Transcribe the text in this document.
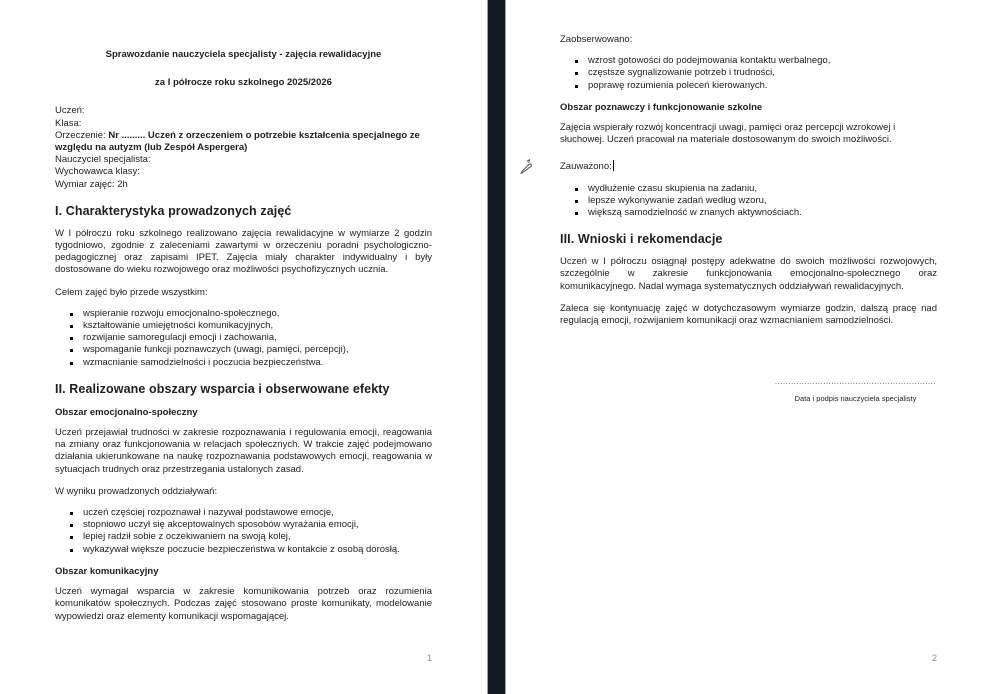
Sprawozdanie nauczyciela specjalisty - zajęcia rewalidacyjne
za I półrocze roku szkolnego 2025/2026
Uczeń:
Klasa:
Orzeczenie: Nr ......... Uczeń z orzeczeniem o potrzebie kształcenia specjalnego ze względu na autyzm (lub Zespół Aspergera)
Nauczyciel specjalista:
Wychowawca klasy:
Wymiar zajęć: 2h
I. Charakterystyka prowadzonych zajęć

W I półroczu roku szkolnego realizowano zajęcia rewalidacyjne w wymiarze 2 godzin tygodniowo, zgodnie z zaleceniami zawartymi w orzeczeniu poradni psychologiczno-pedagogicznej oraz zapisami IPET. Zajęcia miały charakter indywidualny i były dostosowane do wieku rozwojowego oraz możliwości psychofizycznych ucznia.

Celem zajęć było przede wszystkim:

wspieranie rozwoju emocjonalno-społecznego,
kształtowanie umiejętności komunikacyjnych,
rozwijanie samoregulacji emocji i zachowania,
wspomaganie funkcji poznawczych (uwagi, pamięci, percepcji),
wzmacnianie samodzielności i poczucia bezpieczeństwa.
II. Realizowane obszary wsparcia i obserwowane efekty
Obszar emocjonalno-społeczny

Uczeń przejawiał trudności w zakresie rozpoznawania i regulowania emocji, reagowania na zmiany oraz funkcjonowania w relacjach społecznych. W trakcie zajęć podejmowano działania ukierunkowane na naukę rozpoznawania podstawowych emocji, reagowania w sytuacjach trudnych oraz przestrzegania ustalonych zasad.

W wyniku prowadzonych oddziaływań:

uczeń częściej rozpoznawał i nazywał podstawowe emocje,
stopniowo uczył się akceptowalnych sposobów wyrażania emocji,
lepiej radził sobie z oczekiwaniem na swoją kolej,
wykazywał większe poczucie bezpieczeństwa w kontakcie z osobą dorosłą.
Obszar komunikacyjny

Uczeń wymagał wsparcia w zakresie komunikowania potrzeb oraz rozumienia komunikatów społecznych. Podczas zajęć stosowano proste komunikaty, modelowanie wypowiedzi oraz elementy komunikacji wspomagającej.

1

Zaobserwowano:

wzrost gotowości do podejmowania kontaktu werbalnego,
częstsze sygnalizowanie potrzeb i trudności,
poprawę rozumienia poleceń kierowanych.
Obszar poznawczy i funkcjonowanie szkolne

Zajęcia wspierały rozwój koncentracji uwagi, pamięci oraz percepcji wzrokowej i słuchowej. Uczeń pracował na materiale dostosowanym do swoich możliwości.

Zauważono:

wydłużenie czasu skupienia na zadaniu,
lepsze wykonywanie zadań według wzoru,
większą samodzielność w znanych aktywnościach.
III. Wnioski i rekomendacje

Uczeń w I półroczu osiągnął postępy adekwatne do swoich możliwości rozwojowych, szczególnie w zakresie funkcjonowania emocjonalno-społecznego oraz komunikacyjnego. Nadal wymaga systematycznych oddziaływań rewalidacyjnych.

Zaleca się kontynuację zajęć w dotychczasowym wymiarze godzin, dalszą pracę nad regulacją emocji, rozwijaniem komunikacji oraz wzmacnianiem samodzielności.

............................................................
Data i podpis nauczyciela specjalisty
2
